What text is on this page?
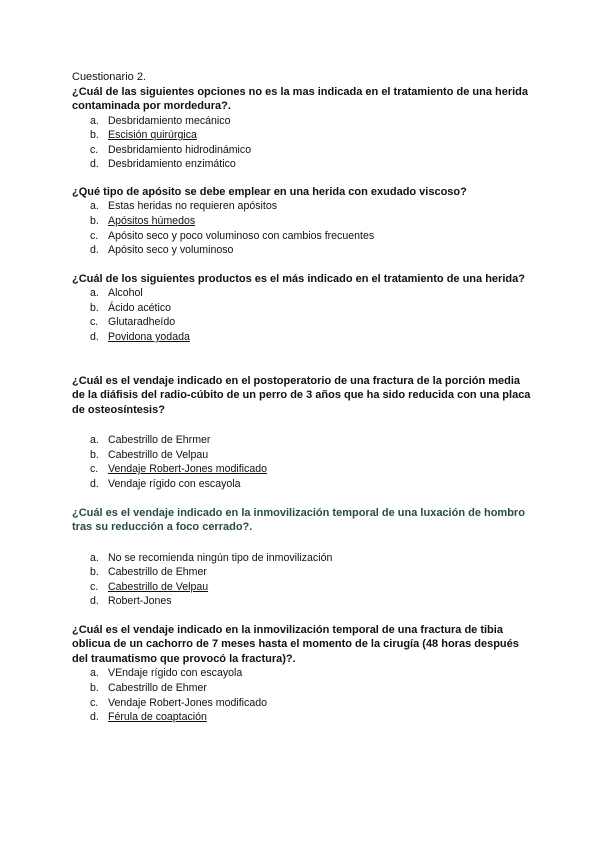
Cuestionario 2.

¿Cuál de las siguientes opciones no es la mas indicada en el tratamiento de una herida contaminada por mordedura?.

a. Desbridamiento mecánico
b. Escisión quirúrgica
c. Desbridamiento hidrodinámico
d. Desbridamiento enzimático

¿Qué tipo de apósito se debe emplear en una herida con exudado viscoso?

a. Estas heridas no requieren apósitos
b. Apósitos húmedos
c. Apósito seco y poco voluminoso con cambios frecuentes
d. Apósito seco y voluminoso

¿Cuál de los siguientes productos es el más indicado en el tratamiento de una herida?

a. Alcohol
b. Ácido acético
c. Glutaradheído
d. Povidona yodada

¿Cuál es el vendaje indicado en el postoperatorio de una fractura de la porción media de la diáfisis del radio-cúbito de un perro de 3 años que ha sido reducida con una placa de osteosíntesis?

a. Cabestrillo de Ehrmer
b. Cabestrillo de Velpau
c. Vendaje Robert-Jones modificado
d. Vendaje rígido con escayola

¿Cuál es el vendaje indicado en la inmovilización temporal de una luxación de hombro tras su reducción a foco cerrado?.

a. No se recomienda ningún tipo de inmovilización
b. Cabestrillo de Ehmer
c. Cabestrillo de Velpau
d. Robert-Jones

¿Cuál es el vendaje indicado en la inmovilización temporal de una fractura de tibia oblicua de un cachorro de 7 meses hasta el momento de la cirugía (48 horas después del traumatismo que provocó la fractura)?.

a. VEndaje rígido con escayola
b. Cabestrillo de Ehmer
c. Vendaje Robert-Jones modificado
d. Férula de coaptación
